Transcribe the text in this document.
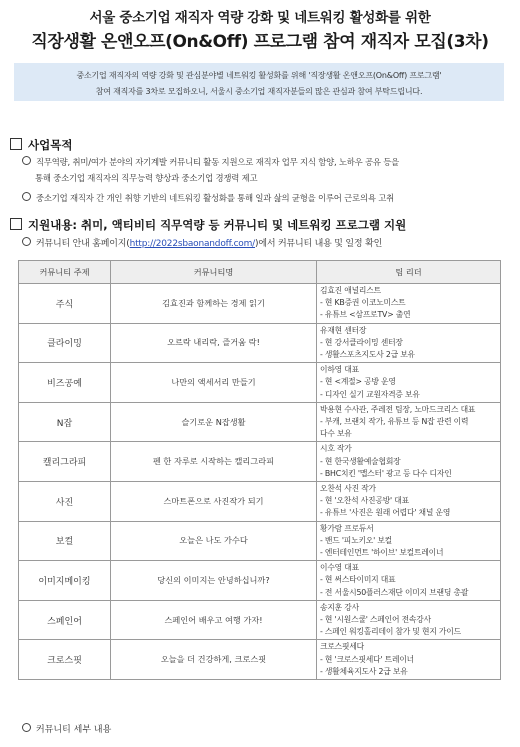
서울 중소기업 재직자 역량 강화 및 네트워킹 활성화를 위한
직장생활 온앤오프(On&Off) 프로그램 참여 재직자 모집(3차)
중소기업 재직자의 역량 강화 및 관심분야별 네트워킹 활성화를 위해 '직장생활 온앤오프(On&Off) 프로그램'
참여 재직자를 3차로 모집하오니, 서울시 중소기업 재직자분들의 많은 관심과 참여 부탁드립니다.
사업목적
직무역량, 취미/여가 분야의 자기계발 커뮤니티 활동 지원으로 재직자 업무 지식 함양, 노하우 공유 등을
통해 중소기업 재직자의 직무능력 향상과 중소기업 경쟁력 제고
중소기업 재직자 간 개인 취향 기반의 네트워킹 활성화를 통해 일과 삶의 균형을 이루어 근로의욕 고취
지원내용: 취미, 액티비티 직무역량 등 커뮤니티 및 네트워킹 프로그램 지원
커뮤니티 안내 홈페이지(http://2022sbaonandoff.com/)에서 커뮤니티 내용 및 일정 확인
커뮤니티 주제	커뮤니티명	팀 리더
주식	김효진과 함께하는 경제 읽기	김효진 애널리스트
- 현 KB증권 이코노미스트
- 유튜브 <삼프로TV> 출연

클라이밍	오르락 내리락, 즐거움 락!	유재현 센터장
- 현 강서클라이밍 센터장
- 생활스포츠지도사 2급 보유

비즈공예	나만의 액세서리 만들기	이하영 대표
- 현 <계절> 공방 운영
- 디자인 실기 교원자격증 보유

N잡	슬기로운 N잡생활	박용현 수사관, 주레전 팀장, 노마드크리스 대표
- 부캐, 브랜치 작가, 유튜브 등 N잡 관련 이력
다수 보유

캘리그라피	펜 한 자루로 시작하는 캘리그라피	시호 작가
- 현 한국생활예술협회장
- BHC치킨 '맵스터' 광고 등 다수 디자인

사진	스마트폰으로 사진작가 되기	오찬석 사진 작가
- 현 '오찬석 사진공방' 대표
- 유튜브 '사진은 원래 어렵다' 채널 운영

보컬	오늘은 나도 가수다	황가람 프로듀서
- 밴드 '피노키오' 보컬
- 엔터테인먼트 '하이브' 보컬트레이너

이미지메이킹	당신의 이미지는 안녕하십니까?	이수영 대표
- 현 써스타이미지 대표
- 전 서울시50플러스재단 이미지 브랜딩 총괄

스페인어	스페인어 배우고 여행 가자!	송지훈 강사
- 현 '시원스쿨' 스페인어 전속강사
- 스페인 워킹홀리데이 참가 및 현지 가이드

크로스핏	오늘을 더 건강하게, 크로스핏	크로스핏세다
- 현 '크로스핏세다' 트레이너
- 생활체육지도사 2급 보유
커뮤니티 세부 내용
